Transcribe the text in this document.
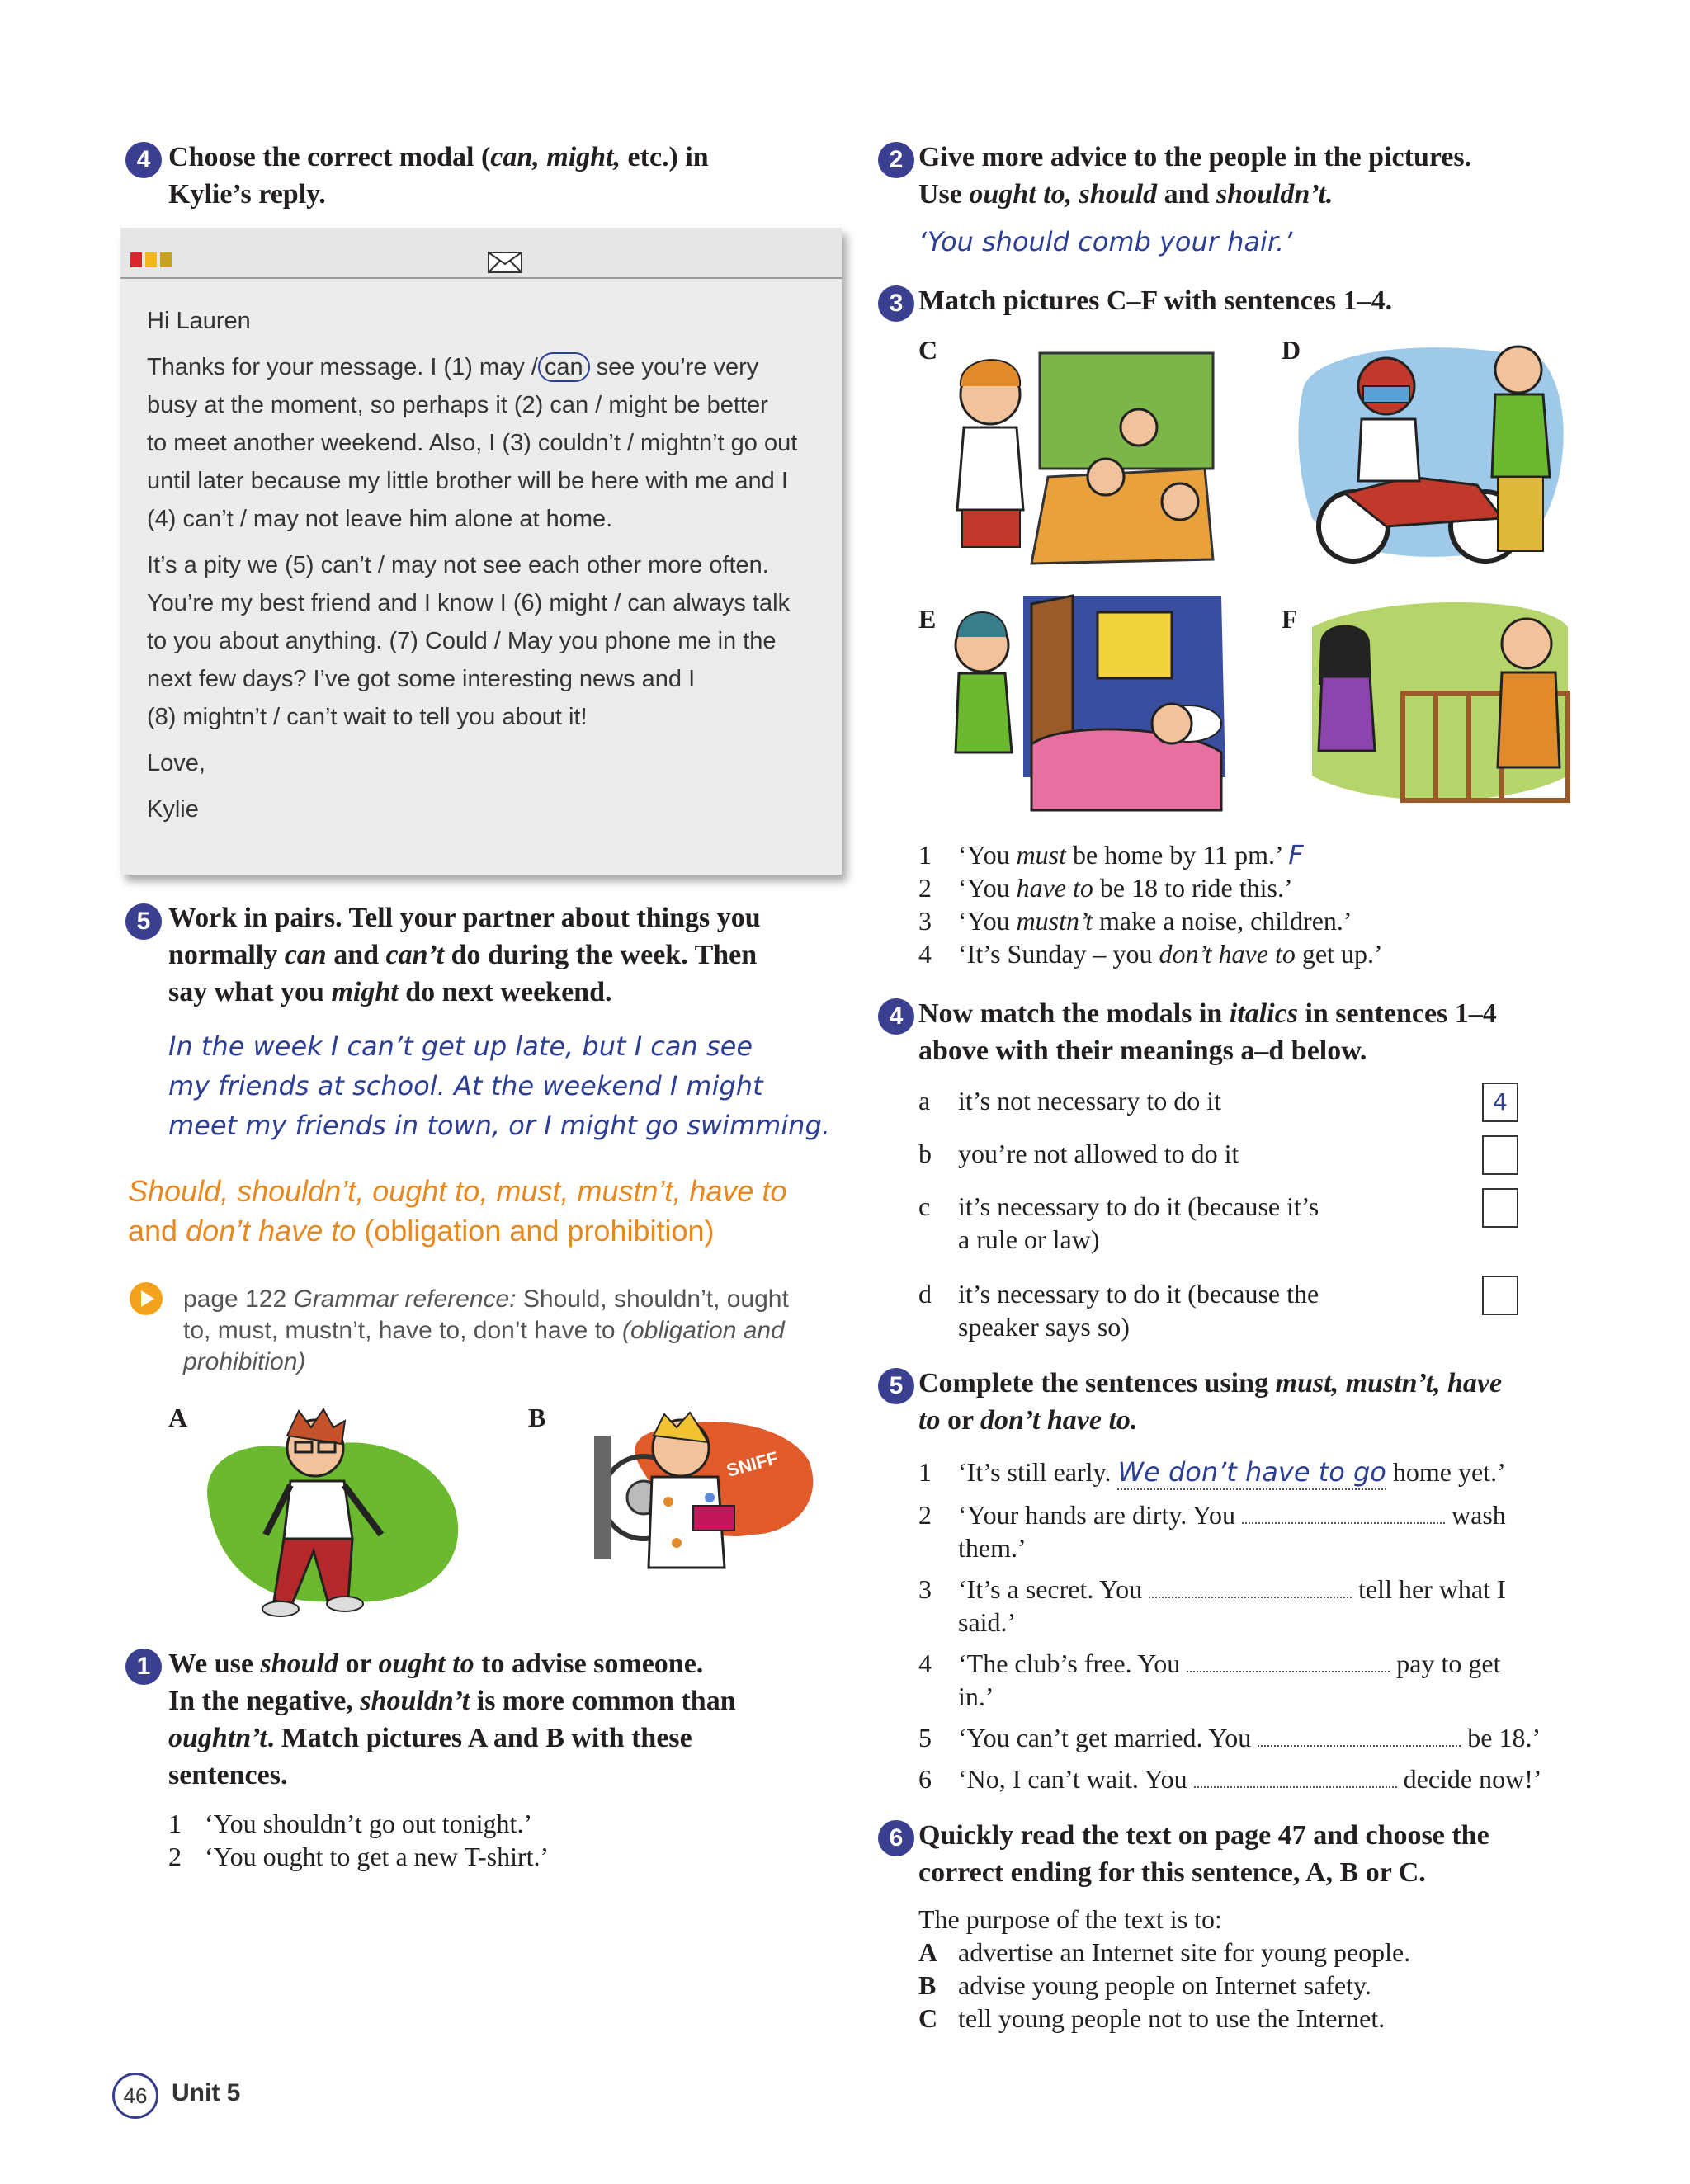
4 Choose the correct modal (can, might, etc.) in
Kylie’s reply.
Hi Lauren
Thanks for your message. I (1) may / can see you’re very
busy at the moment, so perhaps it (2) can / might be better
to meet another weekend. Also, I (3) couldn’t / mightn’t go out
until later because my little brother will be here with me and I
(4) can’t / may not leave him alone at home.
It’s a pity we (5) can’t / may not see each other more often.
You’re my best friend and I know I (6) might / can always talk
to you about anything. (7) Could / May you phone me in the
next few days? I’ve got some interesting news and I
(8) mightn’t / can’t wait to tell you about it!
Love,
Kylie
5 Work in pairs. Tell your partner about things you
normally can and can’t do during the week. Then
say what you might do next weekend.
In the week I can’t get up late, but I can see
my friends at school. At the weekend I might
meet my friends in town, or I might go swimming.
Should, shouldn’t, ought to, must, mustn’t, have to
and don’t have to (obligation and prohibition)
page 122 Grammar reference: Should, shouldn’t, ought
to, must, mustn’t, have to, don’t have to (obligation and
prohibition)
A	B
SNIFF
1 We use should or ought to to advise someone.
In the negative, shouldn’t is more common than
oughtn’t. Match pictures A and B with these
sentences.
1 ‘You shouldn’t go out tonight.’
2 ‘You ought to get a new T-shirt.’
2 Give more advice to the people in the pictures.
Use ought to, should and shouldn’t.
‘You should comb your hair.’
3 Match pictures C–F with sentences 1–4.
C	D
E	F
1 ‘You must be home by 11 pm.’ F
2 ‘You have to be 18 to ride this.’
3 ‘You mustn’t make a noise, children.’
4 ‘It’s Sunday – you don’t have to get up.’
4 Now match the modals in italics in sentences 1–4
above with their meanings a–d below.
a it’s not necessary to do it	4
b you’re not allowed to do it
c it’s necessary to do it (because it’s
a rule or law)
d it’s necessary to do it (because the
speaker says so)
5 Complete the sentences using must, mustn’t, have
to or don’t have to.
1 ‘It’s still early. We don’t have to go home yet.’
2 ‘Your hands are dirty. You	wash
them.’
3 ‘It’s a secret. You	tell her what I
said.’
4 ‘The club’s free. You	pay to get
in.’
5 ‘You can’t get married. You	be 18.’
6 ‘No, I can’t wait. You	decide now!’
6 Quickly read the text on page 47 and choose the
correct ending for this sentence, A, B or C.
The purpose of the text is to:
A advertise an Internet site for young people.
B advise young people on Internet safety.
C tell young people not to use the Internet.
46 Unit 5
